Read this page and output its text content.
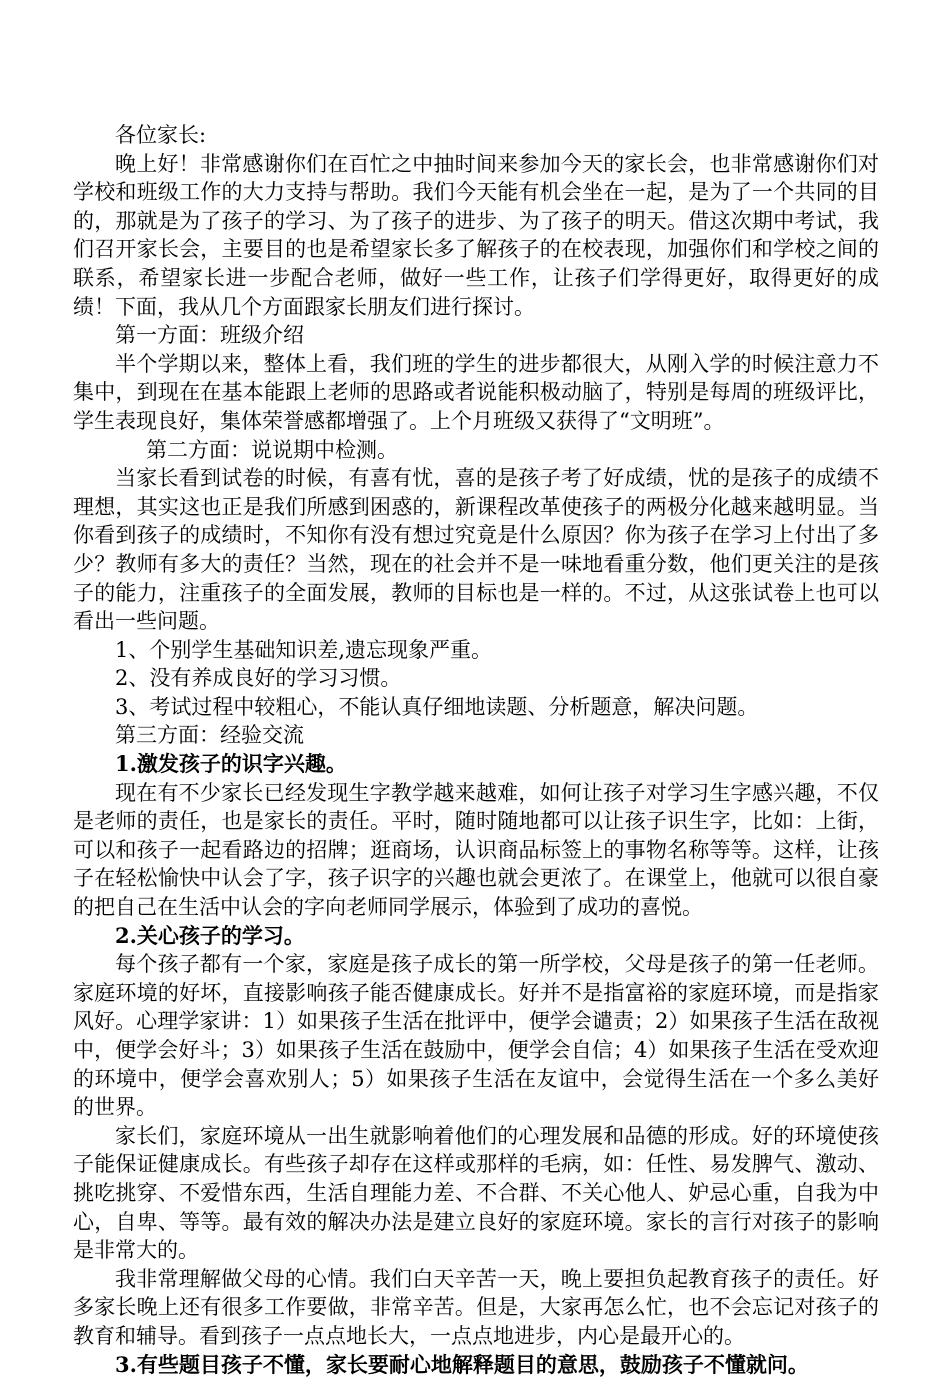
各位家长:

晚上好！非常感谢你们在百忙之中抽时间来参加今天的家长会，也非常感谢你们对学校和班级工作的大力支持与帮助。我们今天能有机会坐在一起，是为了一个共同的目的，那就是为了孩子的学习、为了孩子的进步、为了孩子的明天。借这次期中考试，我们召开家长会，主要目的也是希望家长多了解孩子的在校表现，加强你们和学校之间的联系，希望家长进一步配合老师，做好一些工作，让孩子们学得更好，取得更好的成绩！下面，我从几个方面跟家长朋友们进行探讨。

第一方面：班级介绍

半个学期以来，整体上看，我们班的学生的进步都很大，从刚入学的时候注意力不集中，到现在在基本能跟上老师的思路或者说能积极动脑了，特别是每周的班级评比，学生表现良好，集体荣誉感都增强了。上个月班级又获得了“文明班”。

第二方面：说说期中检测。

当家长看到试卷的时候，有喜有忧，喜的是孩子考了好成绩，忧的是孩子的成绩不理想，其实这也正是我们所感到困惑的，新课程改革使孩子的两极分化越来越明显。当你看到孩子的成绩时，不知你有没有想过究竟是什么原因？你为孩子在学习上付出了多少？教师有多大的责任？当然，现在的社会并不是一味地看重分数，他们更关注的是孩子的能力，注重孩子的全面发展，教师的目标也是一样的。不过，从这张试卷上也可以看出一些问题。

1、个别学生基础知识差,遗忘现象严重。

2、没有养成良好的学习习惯。

3、考试过程中较粗心，不能认真仔细地读题、分析题意，解决问题。

第三方面：经验交流

1.激发孩子的识字兴趣。

现在有不少家长已经发现生字教学越来越难，如何让孩子对学习生字感兴趣，不仅是老师的责任，也是家长的责任。平时，随时随地都可以让孩子识生字，比如：上街，可以和孩子一起看路边的招牌；逛商场，认识商品标签上的事物名称等等。这样，让孩子在轻松愉快中认会了字，孩子识字的兴趣也就会更浓了。在课堂上，他就可以很自豪的把自己在生活中认会的字向老师同学展示，体验到了成功的喜悦。

2.关心孩子的学习。

每个孩子都有一个家，家庭是孩子成长的第一所学校，父母是孩子的第一任老师。家庭环境的好坏，直接影响孩子能否健康成长。好并不是指富裕的家庭环境，而是指家风好。心理学家讲：1）如果孩子生活在批评中，便学会谴责；2）如果孩子生活在敌视中，便学会好斗；3）如果孩子生活在鼓励中，便学会自信；4）如果孩子生活在受欢迎的环境中，便学会喜欢别人；5）如果孩子生活在友谊中，会觉得生活在一个多么美好的世界。

家长们，家庭环境从一出生就影响着他们的心理发展和品德的形成。好的环境使孩子能保证健康成长。有些孩子却存在这样或那样的毛病，如：任性、易发脾气、激动、挑吃挑穿、不爱惜东西，生活自理能力差、不合群、不关心他人、妒忌心重，自我为中心，自卑、等等。最有效的解决办法是建立良好的家庭环境。家长的言行对孩子的影响是非常大的。

我非常理解做父母的心情。我们白天辛苦一天，晚上要担负起教育孩子的责任。好多家长晚上还有很多工作要做，非常辛苦。但是，大家再怎么忙，也不会忘记对孩子的教育和辅导。看到孩子一点点地长大，一点点地进步，内心是最开心的。

3.有些题目孩子不懂，家长要耐心地解释题目的意思，鼓励孩子不懂就问。
